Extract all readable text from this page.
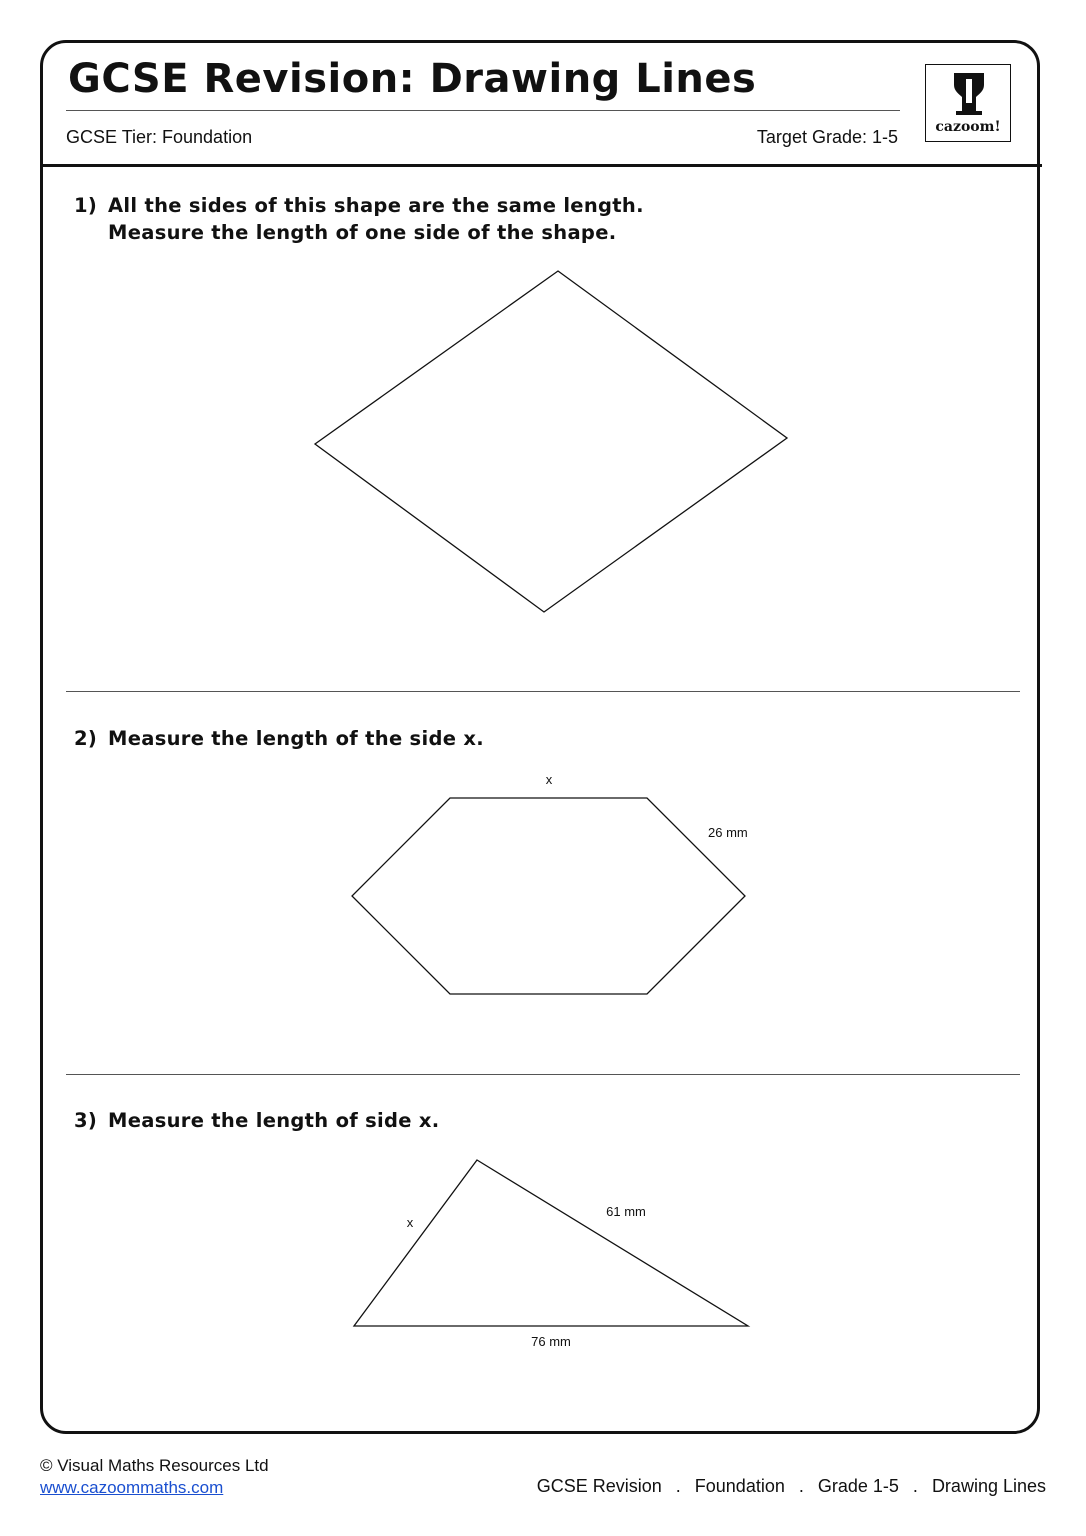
GCSE Revision: Drawing Lines
GCSE Tier: Foundation	Target Grade: 1-5	cazoom!
1) All the sides of this shape are the same length.
Measure the length of one side of the shape.
x
26 mm
x
61 mm
76 mm
2) Measure the length of the side x.
3) Measure the length of side x.
© Visual Maths Resources Ltd
www.cazoommaths.com	GCSE Revision . Foundation . Grade 1-5 . Drawing Lines
